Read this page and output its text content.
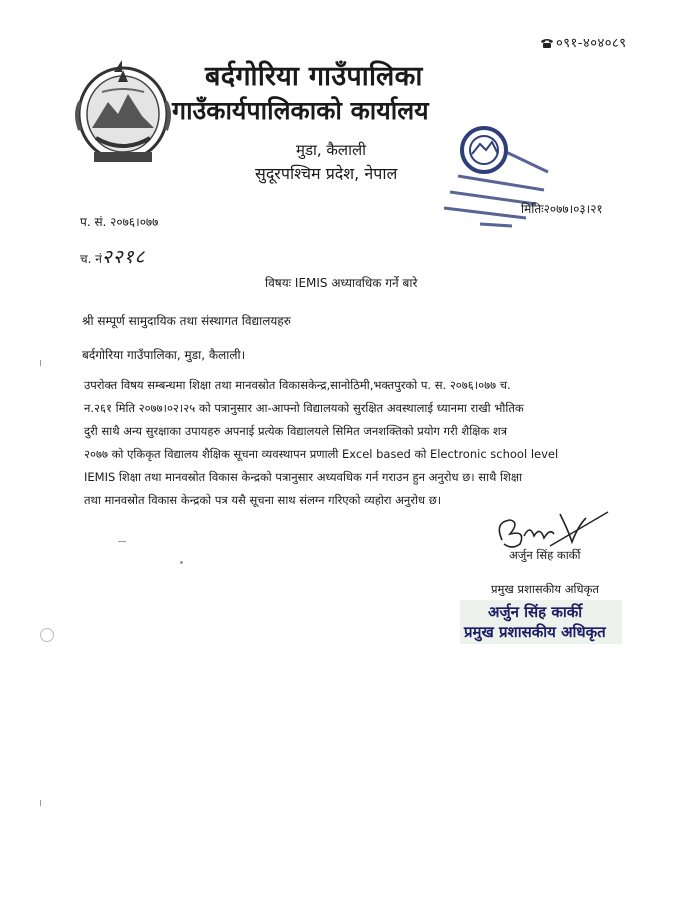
०९१-४०४०८९
बर्दगोरिया गाउँपालिका
गाउँकार्यपालिकाको कार्यालय
मुडा, कैलाली
सुदूरपश्चिम प्रदेश, नेपाल
मितिः२०७७।०३।२१
प. सं. २०७६।०७७
च. नं२२१८
विषयः IEMIS अध्यावधिक गर्ने बारे
श्री सम्पूर्ण सामुदायिक तथा संस्थागत विद्यालयहरु
बर्दगोरिया गाउँपालिका, मुडा, कैलाली।
उपरोक्त विषय सम्बन्धमा शिक्षा तथा मानवस्रोत विकासकेन्द्र,सानोठिमी,भक्तपुरको प. स. २०७६।०७७ च.
न.२६१ मिति २०७७।०२।२५ को पत्रानुसार आ-आफ्नो विद्यालयको सुरक्षित अवस्थालाई ध्यानमा राखी भौतिक
दुरी साथै अन्य सुरक्षाका उपायहरु अपनाई प्रत्येक विद्यालयले सिमित जनशक्तिको प्रयोग गरी शैक्षिक शत्र
२०७७ को एकिकृत विद्यालय शैक्षिक सूचना व्यवस्थापन प्रणाली Excel based को Electronic school level
IEMIS शिक्षा तथा मानवस्रोत विकास केन्द्रको पत्रानुसार अध्यवधिक गर्न गराउन हुन अनुरोध छ। साथै शिक्षा
तथा मानवस्रोत विकास केन्द्रको पत्र यसै सूचना साथ संलग्न गरिएको व्यहोरा अनुरोध छ।
अर्जुन सिंह कार्की
प्रमुख प्रशासकीय अधिकृत
अर्जुन सिंह कार्की
प्रमुख प्रशासकीय अधिकृत
